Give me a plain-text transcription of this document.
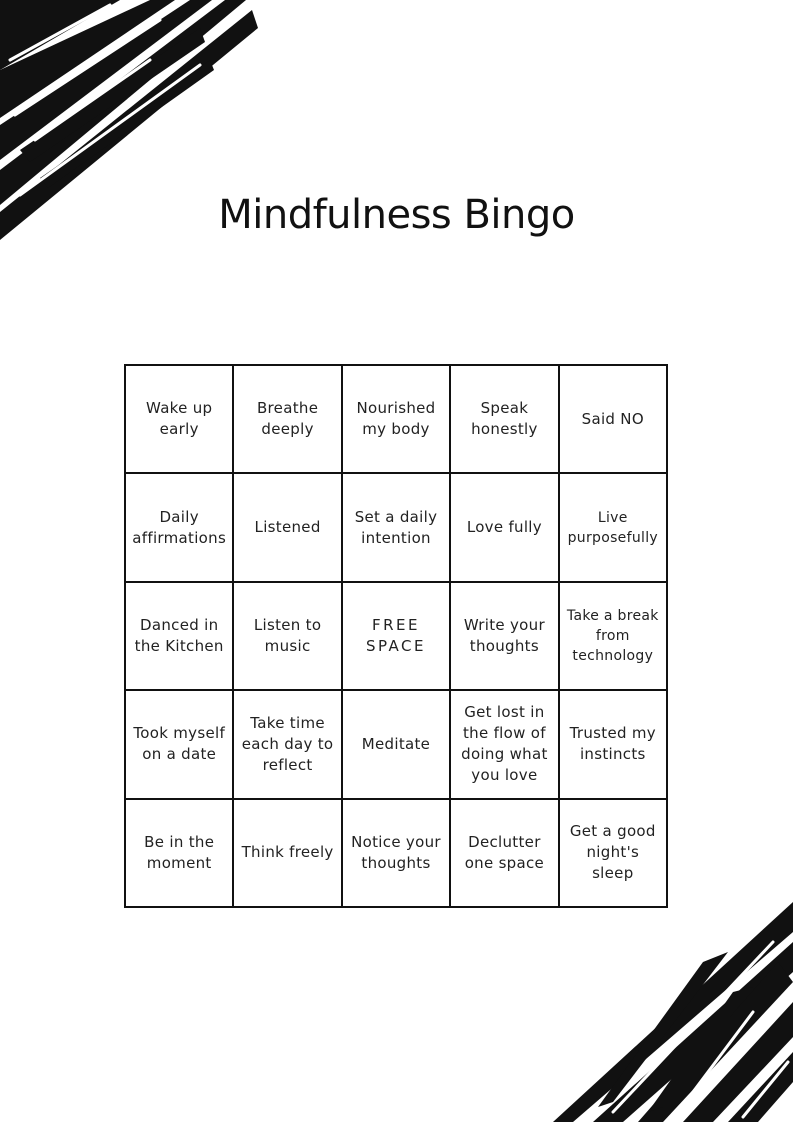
Mindfulness Bingo
Wake up early
Breathe deeply
Nourished my body
Speak honestly
Said NO
Daily affirmations
Listened
Set a daily intention
Love fully
Live purposefully
Danced in the Kitchen
Listen to music
FREE SPACE
Write your thoughts
Take a break from technology
Took myself on a date
Take time each day to reflect
Meditate
Get lost in the flow of doing what you love
Trusted my instincts
Be in the moment
Think freely
Notice your thoughts
Declutter one space
Get a good night's sleep
